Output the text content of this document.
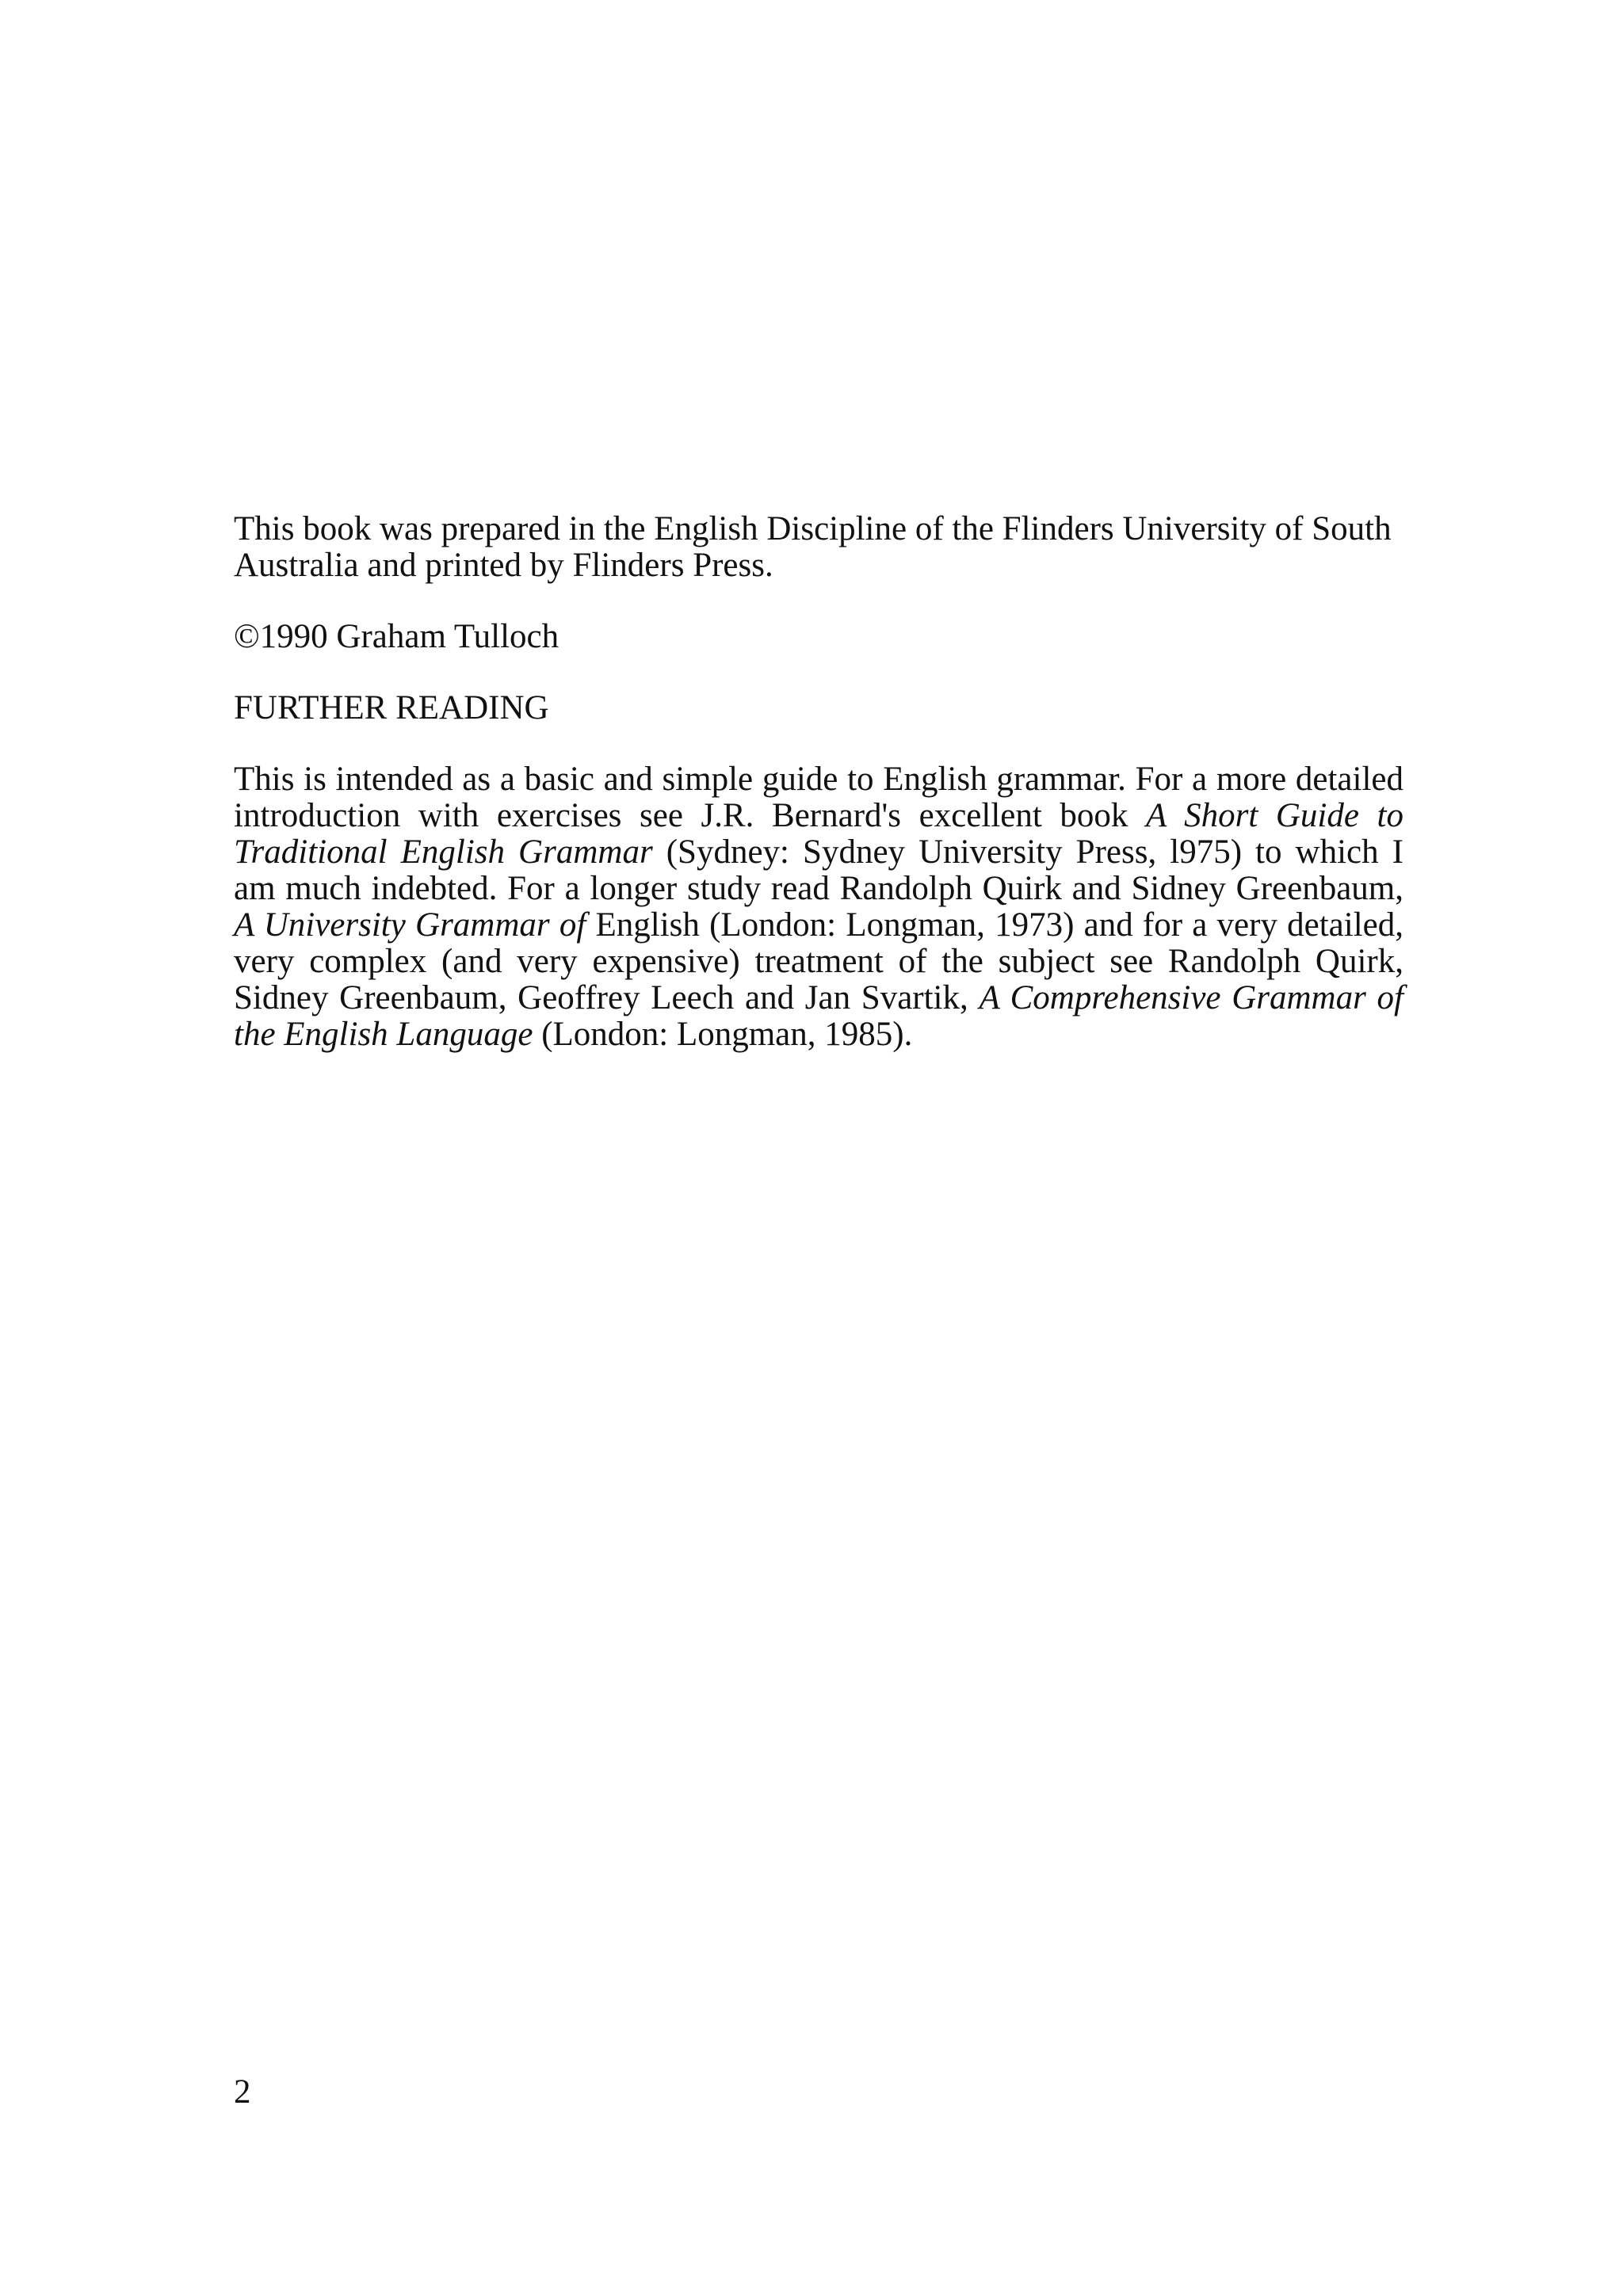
This book was prepared in the English Discipline of the Flinders University of South Australia and printed by Flinders Press.

©1990 Graham Tulloch

FURTHER READING

This is intended as a basic and simple guide to English grammar. For a more detailed introduction with exercises see J.R. Bernard's excellent book A Short Guide to Traditional English Grammar (Sydney: Sydney University Press, l975) to which I am much indebted. For a longer study read Randolph Quirk and Sidney Greenbaum, A University Grammar of English (London: Longman, 1973) and for a very detailed, very complex (and very expensive) treatment of the subject see Randolph Quirk, Sidney Greenbaum, Geoffrey Leech and Jan Svartik, A Comprehensive Grammar of the English Language (London: Longman, 1985).

2
